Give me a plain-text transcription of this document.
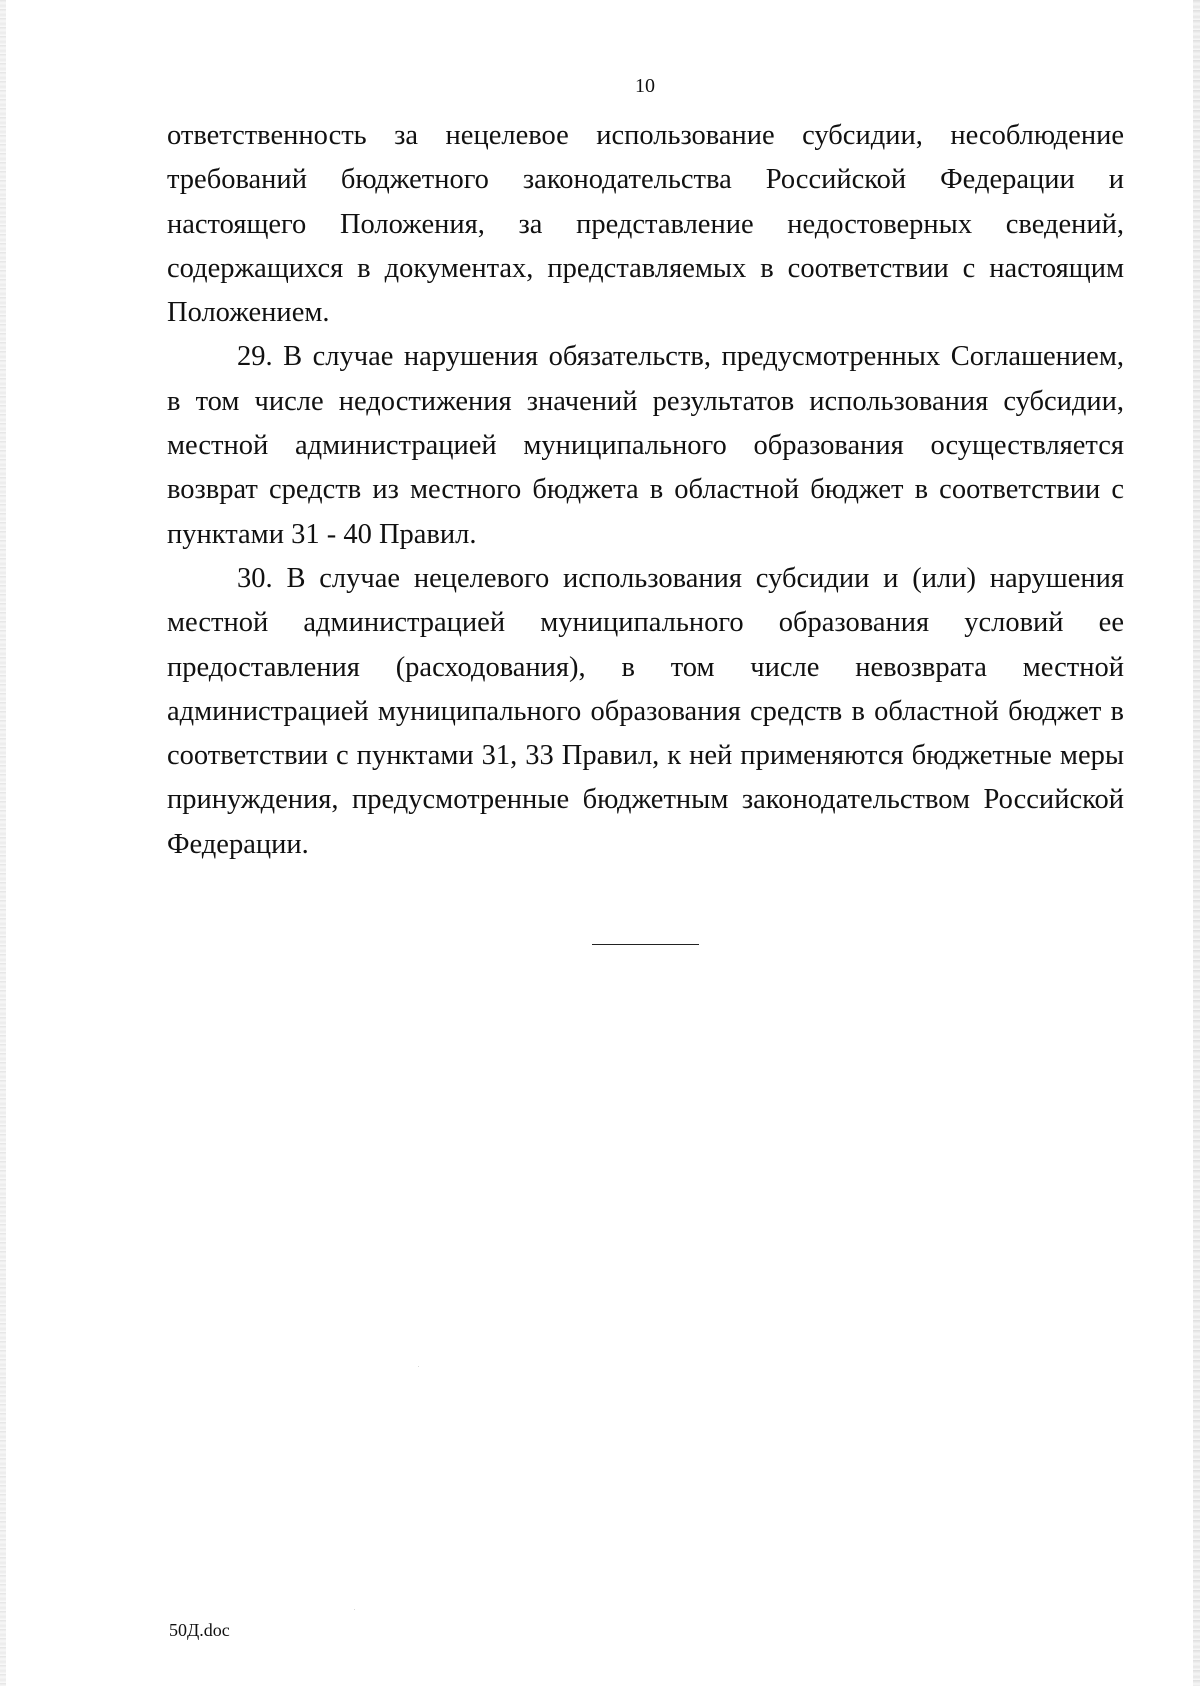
10

ответственность за нецелевое использование субсидии, несоблюдение требований бюджетного законодательства Российской Федерации и настоящего Положения, за представление недостоверных сведений, содержащихся в документах, представляемых в соответствии с настоящим Положением.

29. В случае нарушения обязательств, предусмотренных Соглашением, в том числе недостижения значений результатов использования субсидии, местной администрацией муниципального образования осуществляется возврат средств из местного бюджета в областной бюджет в соответствии с пунктами 31 - 40 Правил.

30. В случае нецелевого использования субсидии и (или) нарушения местной администрацией муниципального образования условий ее предоставления (расходования), в том числе невозврата местной администрацией муниципального образования средств в областной бюджет в соответствии с пунктами 31, 33 Правил, к ней применяются бюджетные меры принуждения, предусмотренные бюджетным законодательством Российской Федерации.

50Д.doc
